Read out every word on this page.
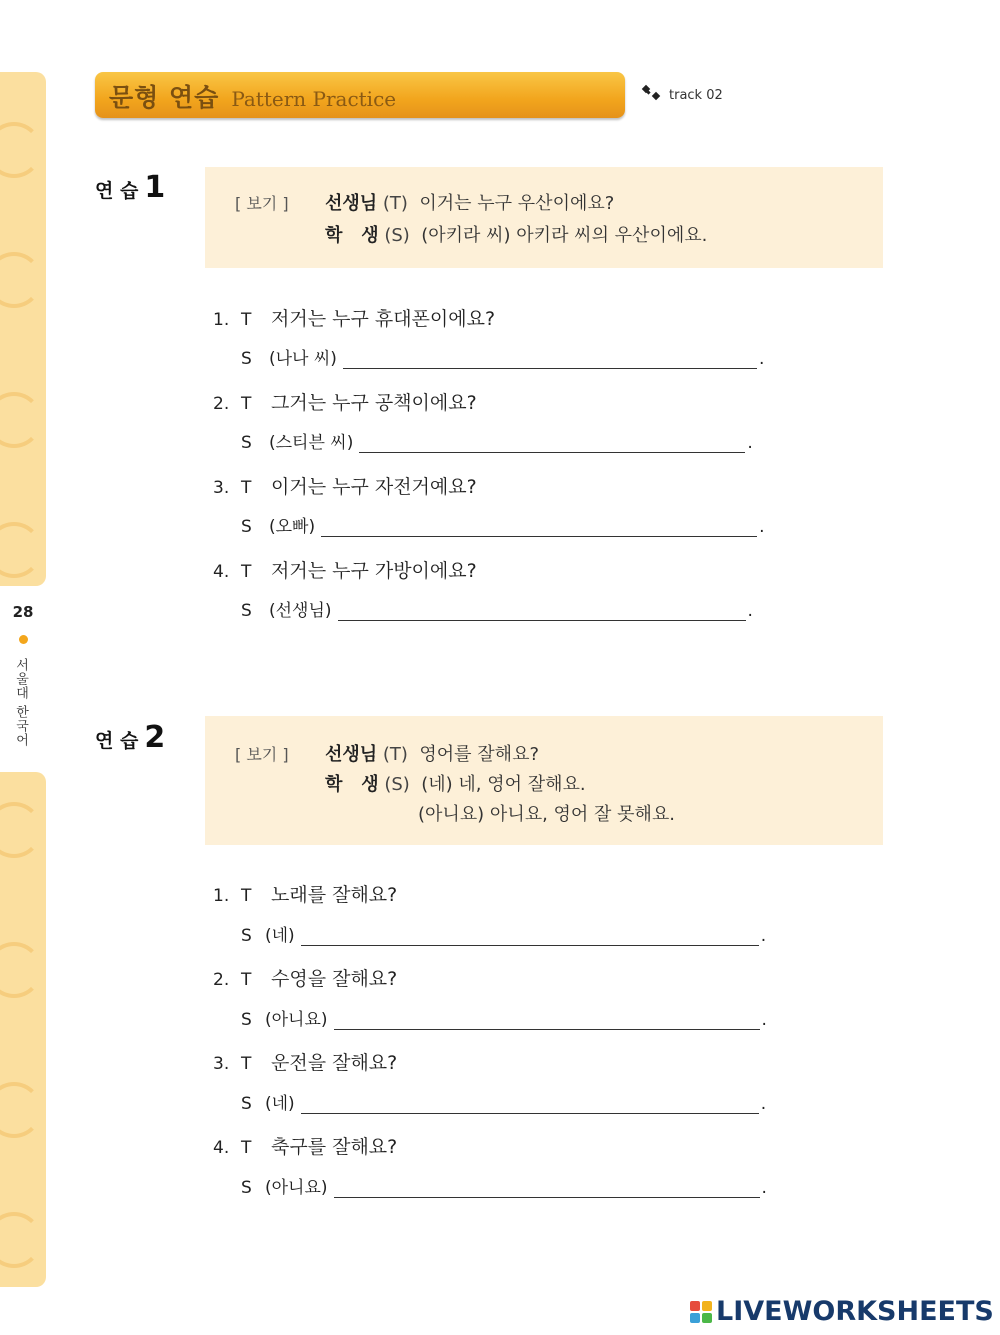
28
서울대 한국어
문형 연습 Pattern Practice	track 02
연 습 1	[ 보기 ] 선생님 (T) 이거는 누구 우산이에요?
학   생 (S) (아키라 씨) 아키라 씨의 우산이에요.
1. T	저거는 누구 휴대폰이에요?
S	(나나 씨)	.
2. T	그거는 누구 공책이에요?
S	(스티븐 씨)	.
3. T	이거는 누구 자전거예요?
S	(오빠)	.
4. T	저거는 누구 가방이에요?
S	(선생님)	.
연 습 2	[ 보기 ] 선생님 (T) 영어를 잘해요?
학   생 (S) (네) 네, 영어 잘해요.
(아니요) 아니요, 영어 잘 못해요.
1. T	노래를 잘해요?
S (네)	.
2. T	수영을 잘해요?
S (아니요)	.
3. T	운전을 잘해요?
S (네)	.
4. T	축구를 잘해요?
S (아니요)	.
LIVEWORKSHEETS
